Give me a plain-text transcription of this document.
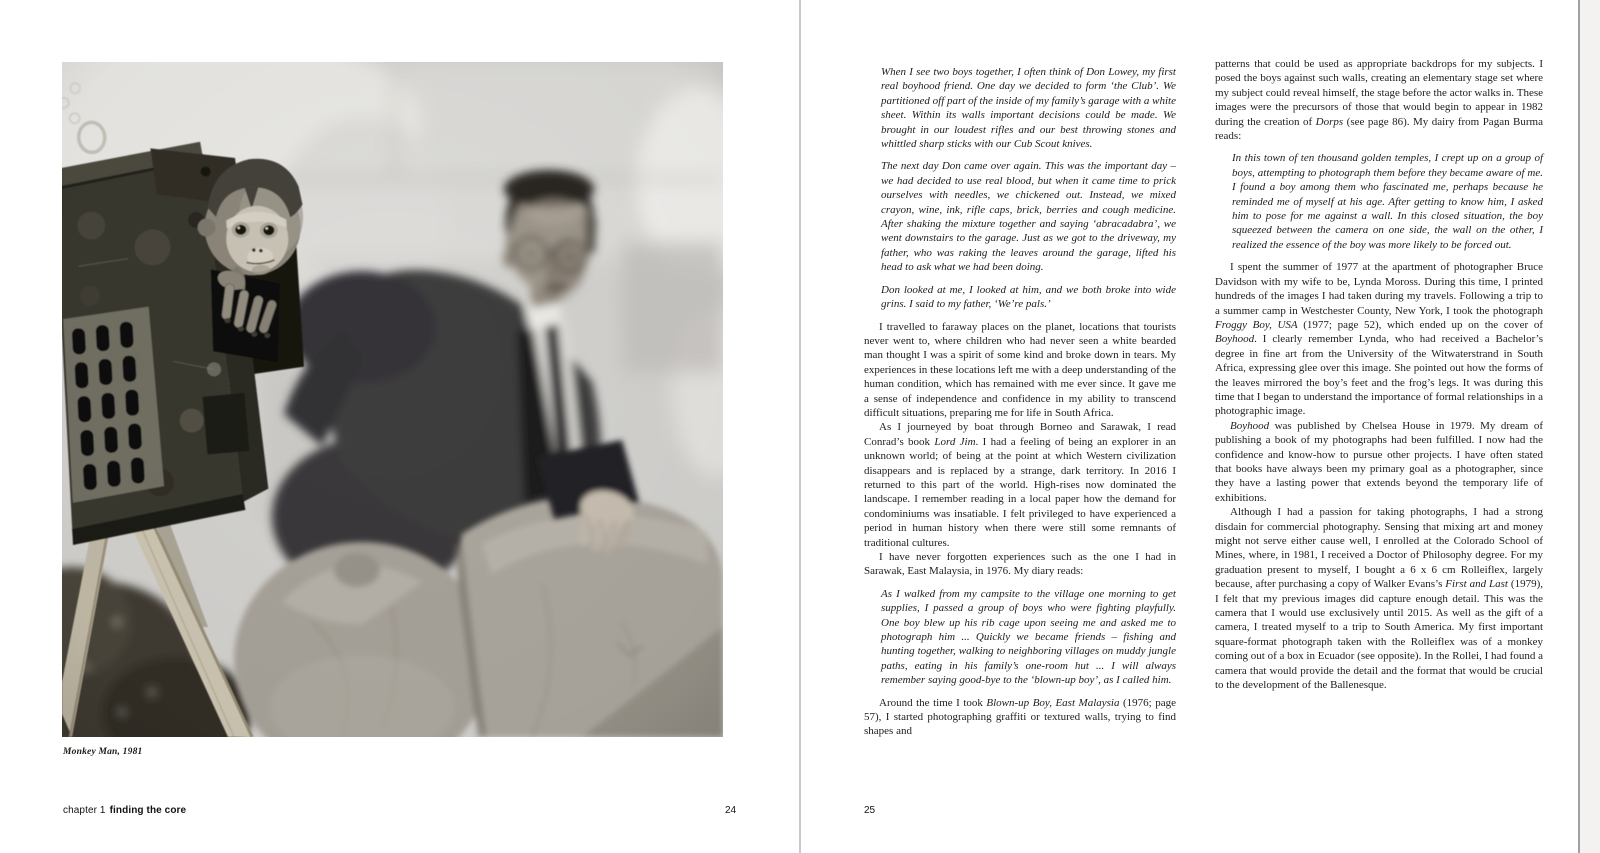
Monkey Man, 1981
chapter 1 finding the core	24

When I see two boys together, I often think of Don Lowey, my first real boyhood friend. One day we decided to form ‘the Club’. We partitioned off part of the inside of my family’s garage with a white sheet. Within its walls important decisions could be made. We brought in our loudest rifles and our best throwing stones and whittled sharp sticks with our Cub Scout knives.

The next day Don came over again. This was the important day – we had decided to use real blood, but when it came time to prick ourselves with needles, we chickened out. Instead, we mixed crayon, wine, ink, rifle caps, brick, berries and cough medicine. After shaking the mixture together and saying ‘abracadabra’, we went downstairs to the garage. Just as we got to the driveway, my father, who was raking the leaves around the garage, lifted his head to ask what we had been doing.

Don looked at me, I looked at him, and we both broke into wide grins. I said to my father, ‘We’re pals.’

I travelled to faraway places on the planet, locations that tourists never went to, where children who had never seen a white bearded man thought I was a spirit of some kind and broke down in tears. My experiences in these locations left me with a deep understanding of the human condition, which has remained with me ever since. It gave me a sense of independence and confidence in my ability to transcend difficult situations, preparing me for life in South Africa.

As I journeyed by boat through Borneo and Sarawak, I read Conrad’s book Lord Jim. I had a feeling of being an explorer in an unknown world; of being at the point at which Western civilization disappears and is replaced by a strange, dark territory. In 2016 I returned to this part of the world. High-rises now dominated the landscape. I remember reading in a local paper how the demand for condominiums was insatiable. I felt privileged to have experienced a period in human history when there were still some remnants of traditional cultures.

I have never forgotten experiences such as the one I had in Sarawak, East Malaysia, in 1976. My diary reads:

As I walked from my campsite to the village one morning to get supplies, I passed a group of boys who were fighting playfully. One boy blew up his rib cage upon seeing me and asked me to photograph him ... Quickly we became friends – fishing and hunting together, walking to neighboring villages on muddy jungle paths, eating in his family’s one-room hut ... I will always remember saying good-bye to the ‘blown-up boy’, as I called him.

Around the time I took Blown-up Boy, East Malaysia (1976; page 57), I started photographing graffiti or textured walls, trying to find shapes and

patterns that could be used as appropriate backdrops for my subjects. I posed the boys against such walls, creating an elementary stage set where my subject could reveal himself, the stage before the actor walks in. These images were the precursors of those that would begin to appear in 1982 during the creation of Dorps (see page 86). My dairy from Pagan Burma reads:

In this town of ten thousand golden temples, I crept up on a group of boys, attempting to photograph them before they became aware of me. I found a boy among them who fascinated me, perhaps because he reminded me of myself at his age. After getting to know him, I asked him to pose for me against a wall. In this closed situation, the boy squeezed between the camera on one side, the wall on the other, I realized the essence of the boy was more likely to be forced out.

I spent the summer of 1977 at the apartment of photographer Bruce Davidson with my wife to be, Lynda Moross. During this time, I printed hundreds of the images I had taken during my travels. Following a trip to a summer camp in Westchester County, New York, I took the photograph Froggy Boy, USA (1977; page 52), which ended up on the cover of Boyhood. I clearly remember Lynda, who had received a Bachelor’s degree in fine art from the University of the Witwaterstrand in South Africa, expressing glee over this image. She pointed out how the forms of the leaves mirrored the boy’s feet and the frog’s legs. It was during this time that I began to understand the importance of formal relationships in a photographic image.

Boyhood was published by Chelsea House in 1979. My dream of publishing a book of my photographs had been fulfilled. I now had the confidence and know-how to pursue other projects. I have often stated that books have always been my primary goal as a photographer, since they have a lasting power that extends beyond the temporary life of exhibitions.

Although I had a passion for taking photographs, I had a strong disdain for commercial photography. Sensing that mixing art and money might not serve either cause well, I enrolled at the Colorado School of Mines, where, in 1981, I received a Doctor of Philosophy degree. For my graduation present to myself, I bought a 6 x 6 cm Rolleiflex, largely because, after purchasing a copy of Walker Evans’s First and Last (1979), I felt that my previous images did capture enough detail. This was the camera that I would use exclusively until 2015. As well as the gift of a camera, I treated myself to a trip to South America. My first important square-format photograph taken with the Rolleiflex was of a monkey coming out of a box in Ecuador (see opposite). In the Rollei, I had found a camera that would provide the detail and the format that would be crucial to the development of the Ballenesque.

25
